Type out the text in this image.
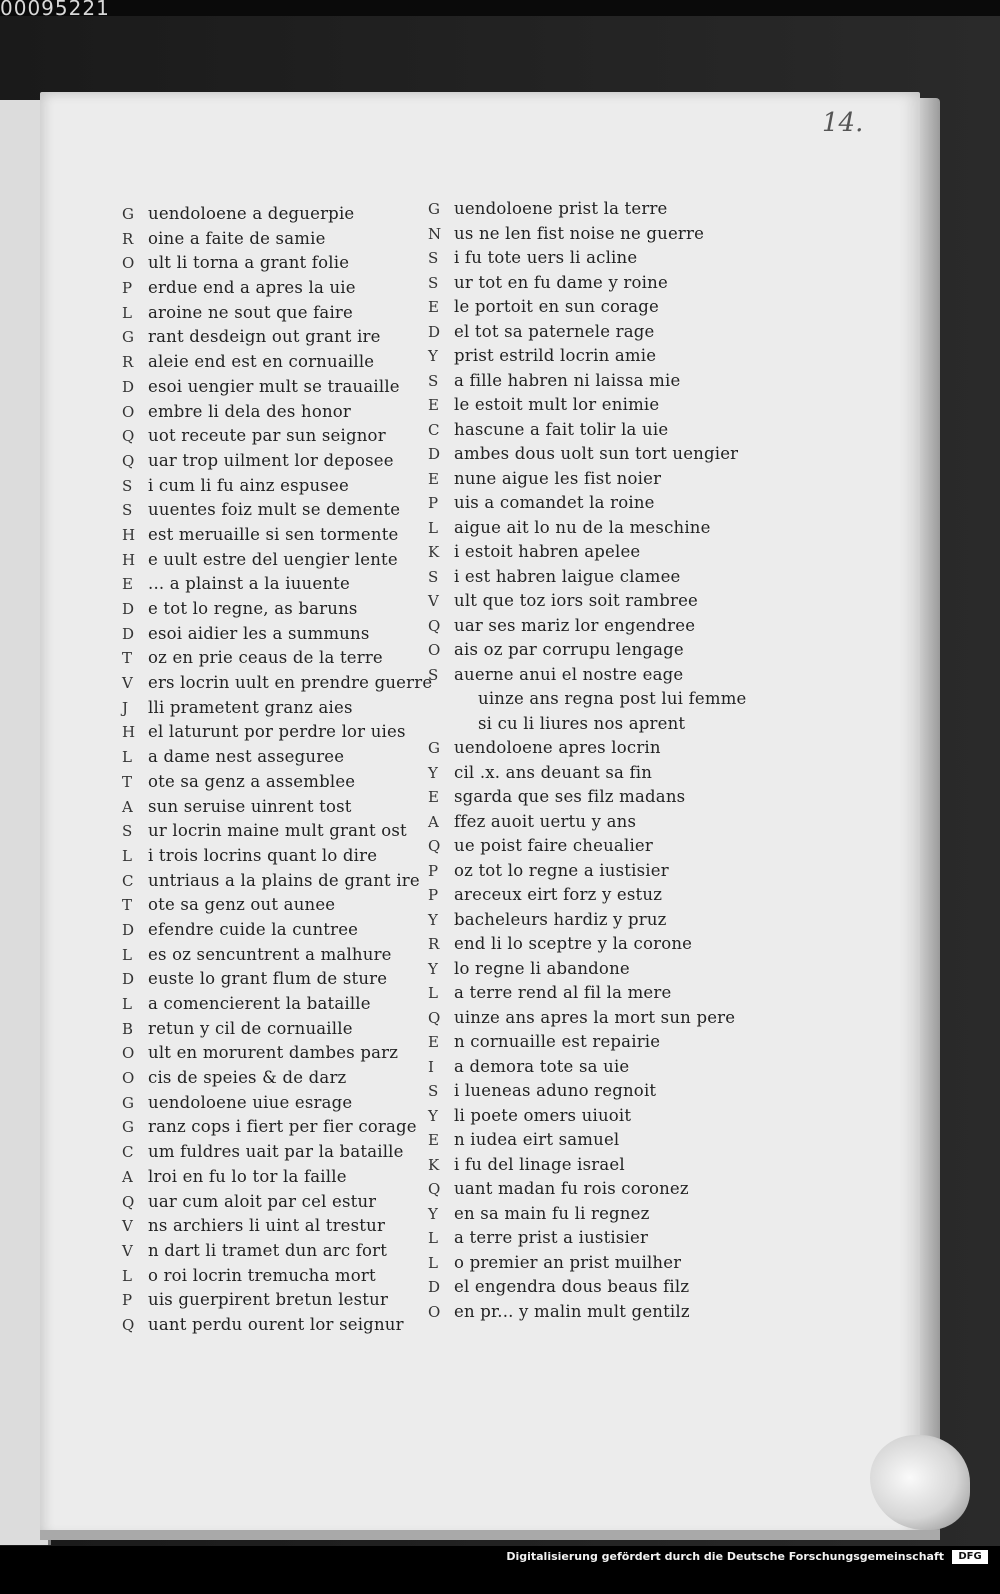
00095221
14.
G uendoloene a deguerpie
R oine a faite de samie
O ult li torna a grant folie
P erdue end a apres la uie
L aroine ne sout que faire
G rant desdeign out grant ire
R aleie end est en cornuaille
D esoi uengier mult se trauaille
O embre li dela des honor
Q uot receute par sun seignor
Q uar trop uilment lor deposee
S i cum li fu ainz espusee
S uuentes foiz mult se demente
H est meruaille si sen tormente
H e uult estre del uengier lente
E ... a plainst a la iuuente
D e tot lo regne, as baruns
D esoi aidier les a summuns
T oz en prie ceaus de la terre
V ers locrin uult en prendre guerre
J	lli prametent granz aies
H el laturunt por perdre lor uies
L a dame nest asseguree
T ote sa genz a assemblee
A sun seruise uinrent tost
S ur locrin maine mult grant ost
L i trois locrins quant lo dire
C untriaus a la plains de grant ire
T ote sa genz out aunee
D efendre cuide la cuntree
L es oz sencuntrent a malhure
D euste lo grant flum de sture
L a comencierent la bataille
B retun y cil de cornuaille
O ult en morurent dambes parz
O cis de speies & de darz
G uendoloene uiue esrage
G ranz cops i fiert per fier corage
C um fuldres uait par la bataille
A lroi en fu lo tor la faille
Q uar cum aloit par cel estur
V ns archiers li uint al trestur
V n dart li tramet dun arc fort
L o roi locrin tremucha mort
P uis guerpirent bretun lestur
Q uant perdu ourent lor seignur
G uendoloene prist la terre
N us ne len fist noise ne guerre
S i fu tote uers li acline
S ur tot en fu dame y roine
E le portoit en sun corage
D el tot sa paternele rage
Y prist estrild locrin amie
S a fille habren ni laissa mie
E le estoit mult lor enimie
C hascune a fait tolir la uie
D ambes dous uolt sun tort uengier
E nune aigue les fist noier
P uis a comandet la roine
L aigue ait lo nu de la meschine
K i estoit habren apelee
S i est habren laigue clamee
V ult que toz iors soit rambree
Q uar ses mariz lor engendree
O ais oz par corrupu lengage
S auerne anui el nostre eage
uinze ans regna post lui femme
si cu li liures nos aprent
G uendoloene apres locrin
Y cil .x. ans deuant sa fin
E sgarda que ses filz madans
A ffez auoit uertu y ans
Q ue poist faire cheualier
P oz tot lo regne a iustisier
P areceux eirt forz y estuz
Y bacheleurs hardiz y pruz
R end li lo sceptre y la corone
Y lo regne li abandone
L a terre rend al fil la mere
Q uinze ans apres la mort sun pere
E n cornuaille est repairie
I	a demora tote sa uie
S i lueneas aduno regnoit
Y li poete omers uiuoit
E n iudea eirt samuel
K i fu del linage israel
Q uant madan fu rois coronez
Y en sa main fu li regnez
L a terre prist a iustisier
L o premier an prist muilher
D el engendra dous beaus filz
O en pr... y malin mult gentilz
Digitalisierung gefördert durch die Deutsche Forschungsgemeinschaft	DFG
